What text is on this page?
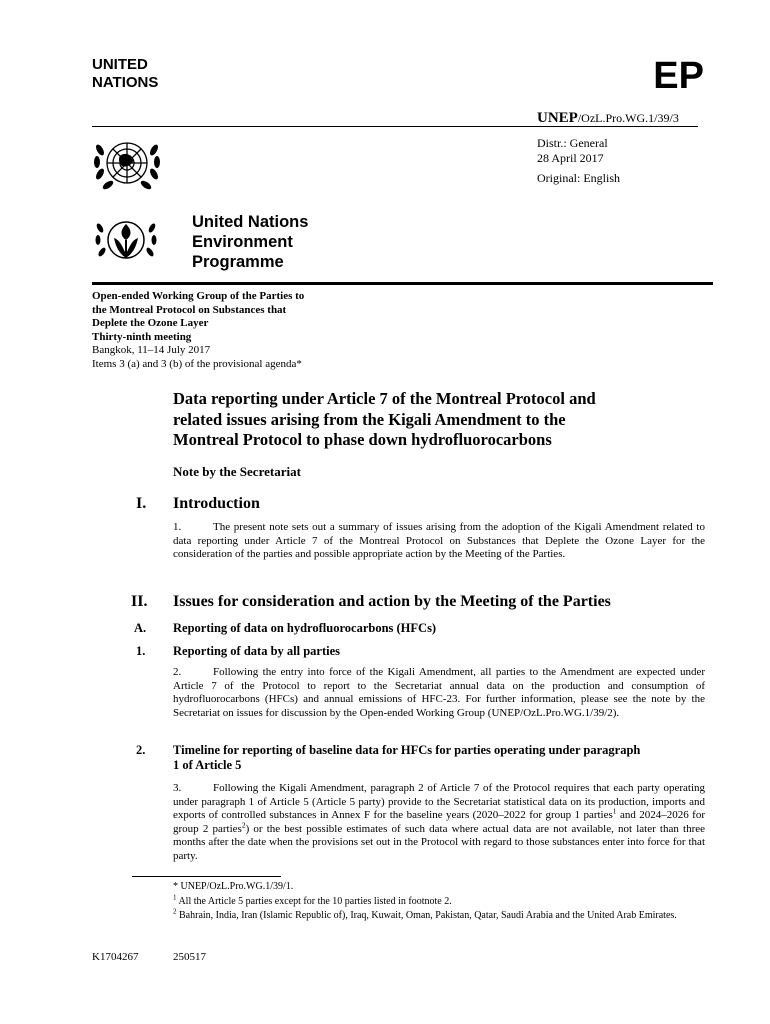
UNITED
NATIONS	EP
UNEP/OzL.Pro.WG.1/39/3
Distr.: General
28 April 2017
Original: English
United Nations
Environment
Programme
Open-ended Working Group of the Parties to
the Montreal Protocol on Substances that
Deplete the Ozone Layer
Thirty-ninth meeting
Bangkok, 11–14 July 2017
Items 3 (a) and 3 (b) of the provisional agenda*
Data reporting under Article 7 of the Montreal Protocol and
related issues arising from the Kigali Amendment to the
Montreal Protocol to phase down hydrofluorocarbons
Note by the Secretariat
I. Introduction
1.	The present note sets out a summary of issues arising from the adoption of the Kigali Amendment related to data reporting under Article 7 of the Montreal Protocol on Substances that Deplete the Ozone Layer for the consideration of the parties and possible appropriate action by the Meeting of the Parties.
II. Issues for consideration and action by the Meeting of the Parties
A. Reporting of data on hydrofluorocarbons (HFCs)
1. Reporting of data by all parties
2.	Following the entry into force of the Kigali Amendment, all parties to the Amendment are expected under Article 7 of the Protocol to report to the Secretariat annual data on the production and consumption of hydrofluorocarbons (HFCs) and annual emissions of HFC-23. For further information, please see the note by the Secretariat on issues for discussion by the Open-ended Working Group (UNEP/OzL.Pro.WG.1/39/2).
2. Timeline for reporting of baseline data for HFCs for parties operating under paragraph 1 of Article 5
3.	Following the Kigali Amendment, paragraph 2 of Article 7 of the Protocol requires that each party operating under paragraph 1 of Article 5 (Article 5 party) provide to the Secretariat statistical data on its production, imports and exports of controlled substances in Annex F for the baseline years (2020–2022 for group 1 parties$^1$ and 2024–2026 for group 2 parties$^2$) or the best possible estimates of such data where actual data are not available, not later than three months after the date when the provisions set out in the Protocol with regard to those substances enter into force for that party.
* UNEP/OzL.Pro.WG.1/39/1.
$^1$ All the Article 5 parties except for the 10 parties listed in footnote 2.
$^2$ Bahrain, India, Iran (Islamic Republic of), Iraq, Kuwait, Oman, Pakistan, Qatar, Saudi Arabia and the United Arab Emirates.
K1704267	250517
